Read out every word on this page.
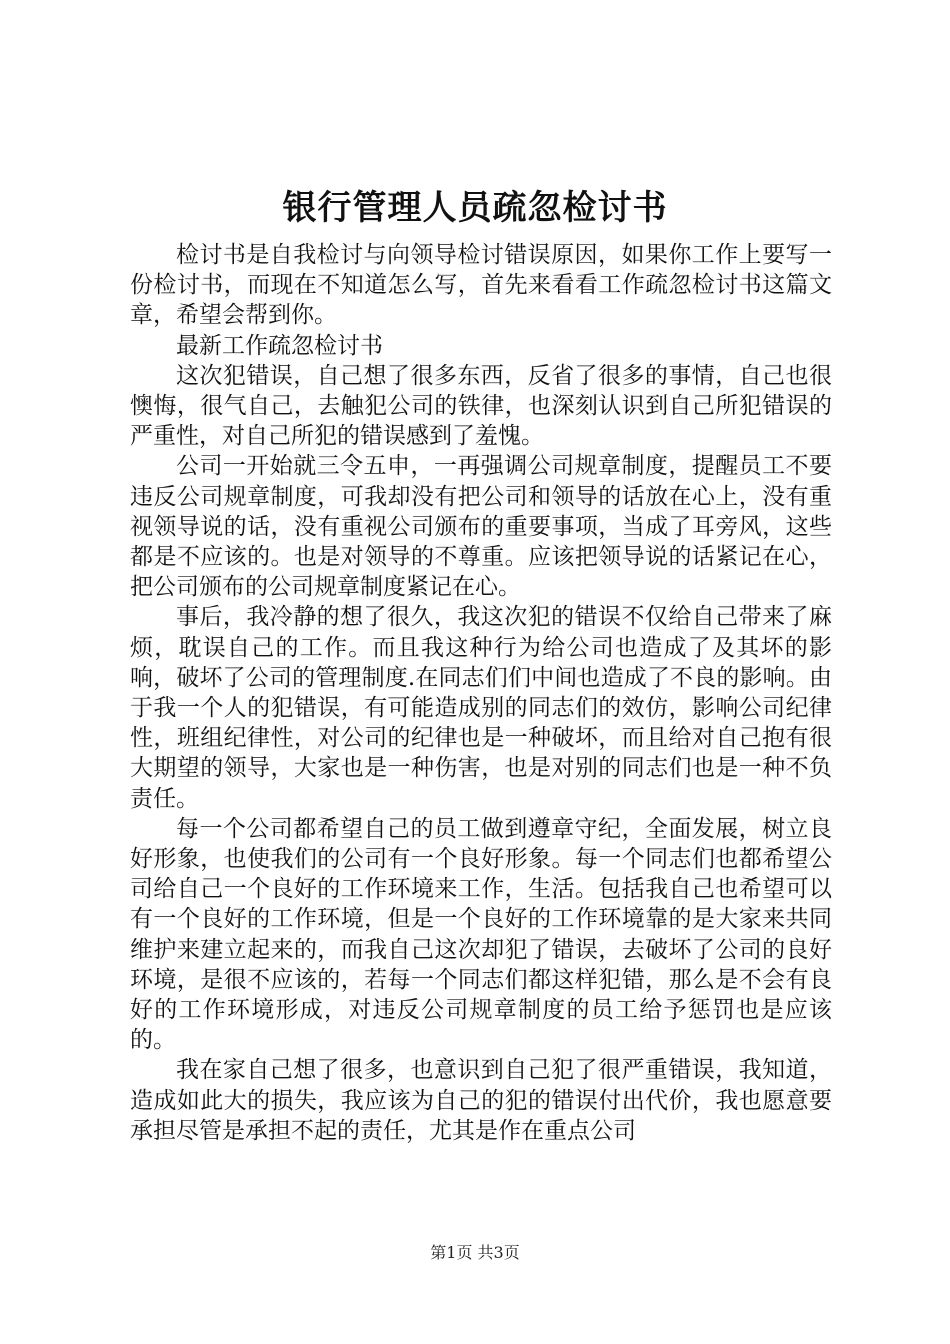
银行管理人员疏忽检讨书

检讨书是自我检讨与向领导检讨错误原因，如果你工作上要写一份检讨书，而现在不知道怎么写，首先来看看工作疏忽检讨书这篇文章，希望会帮到你。

最新工作疏忽检讨书

这次犯错误，自己想了很多东西，反省了很多的事情，自己也很懊悔，很气自己，去触犯公司的铁律，也深刻认识到自己所犯错误的严重性，对自己所犯的错误感到了羞愧。

公司一开始就三令五申，一再强调公司规章制度，提醒员工不要违反公司规章制度，可我却没有把公司和领导的话放在心上，没有重视领导说的话，没有重视公司颁布的重要事项，当成了耳旁风，这些都是不应该的。也是对领导的不尊重。应该把领导说的话紧记在心，把公司颁布的公司规章制度紧记在心。

事后，我冷静的想了很久，我这次犯的错误不仅给自己带来了麻烦，耽误自己的工作。而且我这种行为给公司也造成了及其坏的影响，破坏了公司的管理制度.在同志们们中间也造成了不良的影响。由于我一个人的犯错误，有可能造成别的同志们的效仿，影响公司纪律性，班组纪律性，对公司的纪律也是一种破坏，而且给对自己抱有很大期望的领导，大家也是一种伤害，也是对别的同志们也是一种不负责任。

每一个公司都希望自己的员工做到遵章守纪，全面发展，树立良好形象，也使我们的公司有一个良好形象。每一个同志们也都希望公司给自己一个良好的工作环境来工作，生活。包括我自己也希望可以有一个良好的工作环境，但是一个良好的工作环境靠的是大家来共同维护来建立起来的，而我自己这次却犯了错误，去破坏了公司的良好环境，是很不应该的，若每一个同志们都这样犯错，那么是不会有良好的工作环境形成，对违反公司规章制度的员工给予惩罚也是应该的。

我在家自己想了很多，也意识到自己犯了很严重错误，我知道，造成如此大的损失，我应该为自己的犯的错误付出代价，我也愿意要承担尽管是承担不起的责任，尤其是作在重点公司

第1页 共3页
